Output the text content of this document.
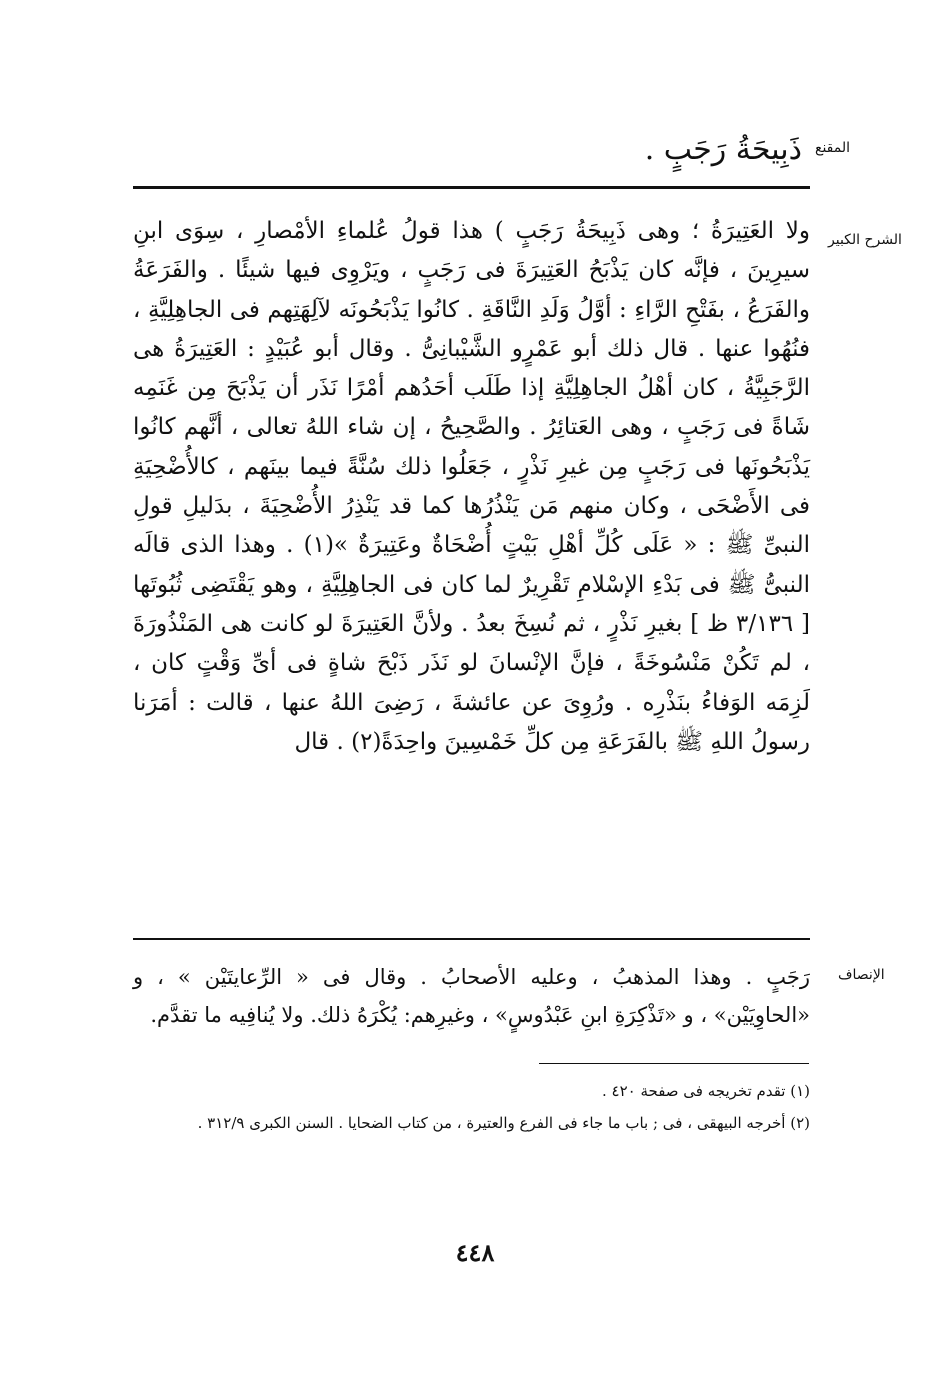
المقنع
ذَبِيحَةُ رَجَبٍ .
الشرح الكبير
ولا العَتِيرَةُ ؛ وهى ذَبِيحَةُ رَجَبٍ ) هذا قولُ عُلماءِ الأمْصارِ ، سِوَى ابنِ سيرِينَ ، فإنَّه كان يَذْبَحُ العَتِيرَةَ فى رَجَبٍ ، ويَرْوِى فيها شيئًا . والفَرَعَةُ والفَرَعُ ، بفَتْحِ الرَّاءِ : أوَّلُ وَلَدِ النَّاقَةِ . كانُوا يَذْبَحُونَه لآلِهَتِهم فى الجاهِلِيَّةِ ، فنُهُوا عنها . قال ذلك أبو عَمْرٍو الشَّيْبانِىُّ . وقال أبو عُبَيْدٍ : العَتِيرَةُ هى الرَّجَبِيَّةُ ، كان أهْلُ الجاهِلِيَّةِ إذا طَلَب أحَدُهم أمْرًا نَذَر أن يَذْبَحَ مِن غَنَمِه شَاةً فى رَجَبٍ ، وهى العَتائِرُ . والصَّحِيحُ ، إن شاء اللهُ تعالى ، أنَّهم كانُوا يَذْبَحُونَها فى رَجَبٍ مِن غيرِ نَذْرٍ ، جَعَلُوا ذلك سُنَّةً فيما بينَهم ، كالأُضْحِيَةِ فى الأَضْحَى ، وكان منهم مَن يَنْذُرُها كما قد يَنْذِرُ الأُضْحِيَةَ ، بدَليلِ قولِ النبىِّ ﷺ : « عَلَى كُلِّ أهْلِ بَيْتٍ أُضْحَاةٌ وعَتِيرَةٌ »(١) . وهذا الذى قالَه النبىُّ ﷺ فى بَدْءِ الإسْلامِ تَقْرِيرٌ لما كان فى الجاهِلِيَّةِ ، وهو يَقْتَضِى ثُبُوتَها [ ٣/١٣٦ ظ ] بغيرِ نَذْرٍ ، ثم نُسِخَ بعدُ . ولأنَّ العَتِيرَةَ لو كانت هى المَنْذُورَةَ ، لم تَكُنْ مَنْسُوخَةً ، فإنَّ الإنْسانَ لو نَذَر ذَبْحَ شاةٍ فى أىِّ وَقْتٍ كان ، لَزِمَه الوَفاءُ بنَذْرِه . ورُوِىَ عن عائشةَ ، رَضِىَ اللهُ عنها ، قالت : أمَرَنا رسولُ اللهِ ﷺ بالفَرَعَةِ مِن كلِّ خَمْسِينَ واحِدَةً(٢) . قال
الإنصاف
رَجَبٍ . وهذا المذهبُ ، وعليه الأصحابُ . وقال فى « الرِّعايتَيْن » ، و «الحاوِيَيْن» ، و «تَذْكِرَةِ ابنِ عَبْدُوسٍ» ، وغيرِهم: يُكْرَهُ ذلك. ولا يُنافِيه ما تقدَّم.
(١) تقدم تخريجه فى صفحة ٤٢٠ .
(٢) أخرجه البيهقى ، فى ; باب ما جاء فى الفرع والعتيرة ، من كتاب الضحايا . السنن الكبرى ٣١٢/٩ .
٤٤٨
